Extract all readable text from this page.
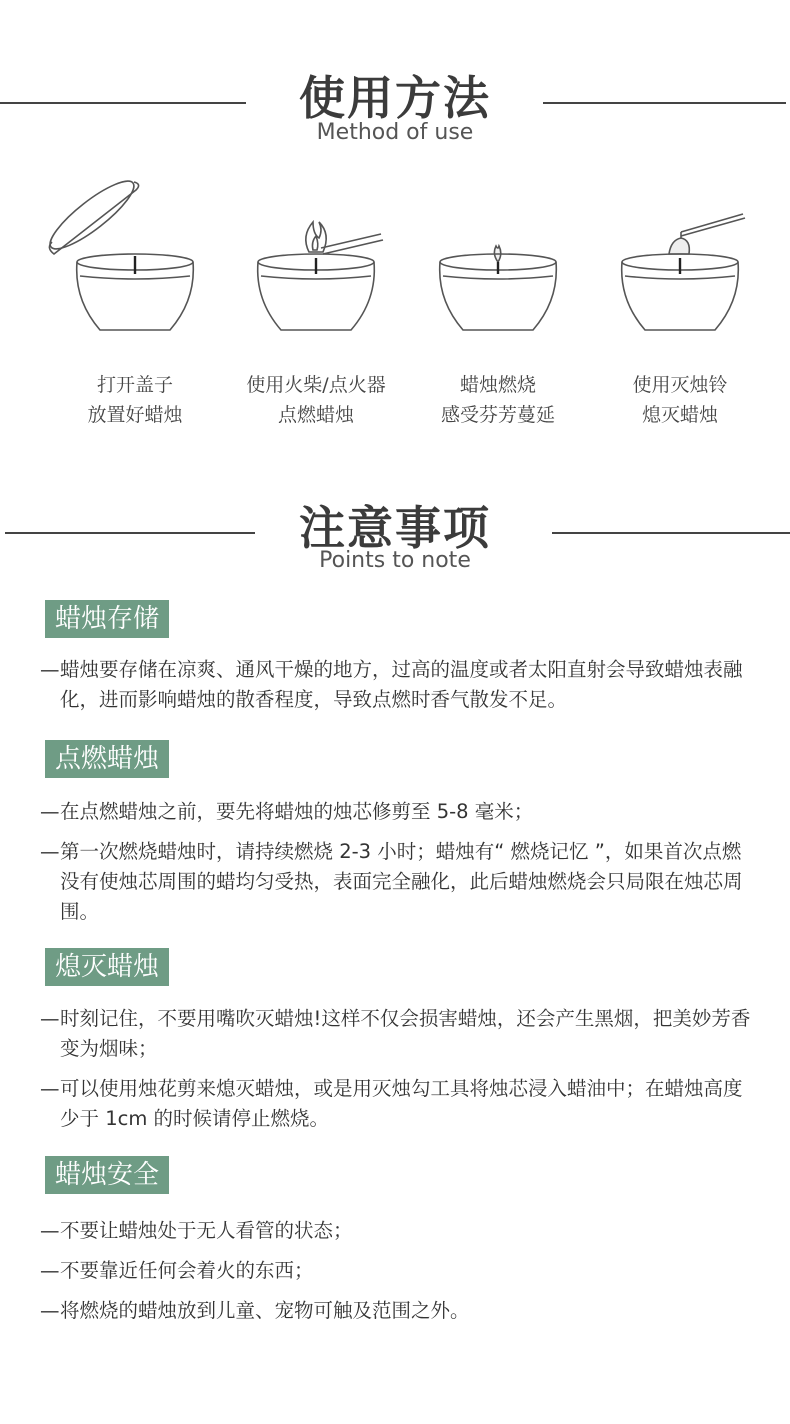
使用方法
Method of use
打开盖子
放置好蜡烛
使用火柴/点火器
点燃蜡烛
蜡烛燃烧
感受芬芳蔓延
使用灭烛铃
熄灭蜡烛
注意事项
Points to note
蜡烛存储
— 蜡烛要存储在凉爽、通风干燥的地方，过高的温度或者太阳直射会导致蜡烛表融化，进而影响蜡烛的散香程度，导致点燃时香气散发不足。
点燃蜡烛
— 在点燃蜡烛之前，要先将蜡烛的烛芯修剪至 5-8 毫米；
— 第一次燃烧蜡烛时，请持续燃烧 2-3 小时；蜡烛有“ 燃烧记忆 ”，如果首次点燃没有使烛芯周围的蜡均匀受热，表面完全融化，此后蜡烛燃烧会只局限在烛芯周围。
熄灭蜡烛
— 时刻记住，不要用嘴吹灭蜡烛!这样不仅会损害蜡烛，还会产生黑烟，把美妙芳香变为烟味；
— 可以使用烛花剪来熄灭蜡烛，或是用灭烛勾工具将烛芯浸入蜡油中；在蜡烛高度少于 1cm 的时候请停止燃烧。
蜡烛安全
— 不要让蜡烛处于无人看管的状态；
— 不要靠近任何会着火的东西；
— 将燃烧的蜡烛放到儿童、宠物可触及范围之外。
